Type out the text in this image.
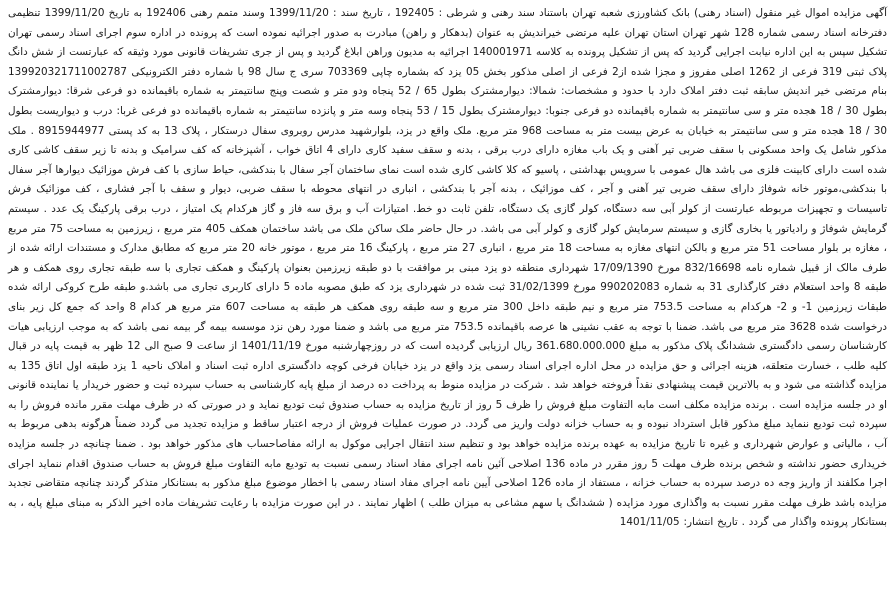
آگهی مزایده اموال غیر منقول (اسناد رهنی) بانک کشاورزی شعبه تهران باستناد سند رهنی و شرطی : 192405 ، تاریخ سند : 1399/11/20 وسند متمم رهنی 192406 به تاریخ 1399/11/20 تنظیمی دفترخانه اسناد رسمی شماره 128 شهر تهران استان تهران علیه مرتضی خیراندیش به عنوان (بدهکار و راهن) مبادرت به صدور اجرائیه نموده است که پرونده در اداره سوم اجرای اسناد رسمی تهران تشکیل سپس به این اداره نیابت اجرایی گردید که پس از تشکیل پرونده به کلاسه 140001971 اجرائیه به مدیون وراهن ابلاغ گردید و پس از جری تشریفات قانونی مورد وثیقه که عبارتست از شش دانگ پلاک ثبتی 319 فرعی از 1262 اصلی مفروز و مجزا شده از2 فرعی از اصلی مذکور بخش 05 یزد که بشماره چاپی 703369 سری ج سال 98 با شماره دفتر الکترونیکی 139920321711002787 بنام مرتضی خیر اندیش سابقه ثبت دفتر املاک دارد با حدود و مشخصات: شمالا: دیوارمشترک بطول 65 / 52 پنجاه ودو متر و شصت وپنج سانتیمتر به شماره باقیمانده دو فرعی شرقا: دیوارمشترک بطول 30 / 18 هجده متر و سی سانتیمتر به شماره باقیمانده دو فرعی جنوبا: دیوارمشترک بطول 15 / 53 پنجاه وسه متر و پانزده سانتیمتر به شماره باقیمانده دو فرعی غربا: درب و دیواریست بطول 30 / 18 هجده متر و سی سانتیمتر به خیابان به عرض بیست متر به مساحت 968 متر مربع. ملک واقع در یزد، بلوارشهید مدرس روبروی سفال درستکار ، پلاک 13 به کد پستی 8915944977 . ملک مذکور شامل یک واحد مسکونی با سقف ضربی تیر آهنی و یک باب مغازه دارای درب برقی ، بدنه و سقف سفید کاری دارای 4 اتاق خواب ، آشپزخانه که کف سرامیک و بدنه تا زیر سقف کاشی کاری شده است دارای کابینت فلزی می باشد هال عمومی با سرویس بهداشتی ، پاسیو که کلا کاشی کاری شده است نمای ساختمان آجر سفال با بندکشی، حیاط سازی با کف فرش موزائیک دیوارها آجر سفال با بندکشی،موتور خانه شوفاژ دارای سقف ضربی تیر آهنی و آجر ، کف موزائیک ، بدنه آجر با بندکشی ، انباری در انتهای محوطه با سقف ضربی، دیوار و سقف با آجر فشاری ، کف موزائیک فرش تاسیسات و تجهیزات مربوطه عبارتست از کولر آبی سه دستگاه، کولر گازی یک دستگاه، تلفن ثابت دو خط. امتیازات آب و برق سه فاز و گاز هرکدام یک امتیاز ، درب برقی پارکینگ یک عدد . سیستم گرمایش شوفاژ و رادیاتور یا بخاری گازی و سیستم سرمایش کولر گازی و کولر آبی می باشد. در حال حاضر ملک ساکن ملک می باشد ساختمان همکف 405 متر مربع ، زیرزمین به مساحت 75 متر مربع ، مغازه بر بلوار مساحت 51 متر مربع و بالکن انتهای مغازه به مساحت 18 متر مربع ، انباری 27 متر مربع ، پارکینگ 16 متر مربع ، موتور خانه 20 متر مربع که مطابق مدارک و مستندات ارائه شده از طرف مالک از قبیل شماره نامه 832/16698 مورخ 17/09/1390 شهرداری منطقه دو یزد مبنی بر موافقت با دو طبقه زیرزمین بعنوان پارکینگ و همکف تجاری با سه طبقه تجاری روی همکف و هر طبقه 8 واحد استعلام دفتر کارگذاری 31 به شماره 990202083 مورخ 31/02/1399 ثبت شده در شهرداری یزد که طبق مصوبه ماده 5 دارای کاربری تجاری می باشد.و طبقه طرح کروکی ارائه شده طبقات زیرزمین 1- و 2- هرکدام به مساحت 753.5 متر مربع و نیم طبقه داخل 300 متر مربع و سه طبقه روی همکف هر طبقه به مساحت 607 متر مربع هر کدام 8 واحد که جمع کل زیر بنای درخواست شده 3628 متر مربع می باشد. ضمنا با توجه به عقب نشینی ها عرصه باقیمانده 753.5 متر مربع می باشد و ضمنا مورد رهن نزد موسسه بیمه گر بیمه نمی باشد که به موجب ارزیابی هیات کارشناسان رسمی دادگستری ششدانگ پلاک مذکور به مبلغ 361.680.000.000 ریال ارزیابی گردیده است که در روزچهارشنبه مورخ 1401/11/19 از ساعت 9 صبح الی 12 ظهر به قیمت پایه در قبال کلیه طلب ، خسارت متعلقه، هزینه اجرائی و حق مزایده در محل اداره اجرای اسناد رسمی یزد واقع در یزد خیابان فرخی کوچه دادگستری اداره ثبت اسناد و املاک ناحیه 1 یزد طبقه اول اتاق 135 به مزایده گذاشته می شود و به بالاترین قیمت پیشنهادی نقداً فروخته خواهد شد . شرکت در مزایده منوط به پرداخت ده درصد از مبلغ پایه کارشناسی به حساب سپرده ثبت و حضور خریدار یا نماینده قانونی او در جلسه مزایده است . برنده مزایده مکلف است مابه التفاوت مبلغ فروش را ظرف 5 روز از تاریخ مزایده به حساب صندوق ثبت تودیع نماید و در صورتی که در ظرف مهلت مقرر مانده فروش را به سپرده ثبت تودیع ننماید مبلغ مذکور قابل استرداد نبوده و به حساب خزانه دولت واریز می گردد. در صورت عملیات فروش از درجه اعتبار ساقط و مزایده تجدید می گردد ضمناً هرگونه بدهی مربوط به آب ، مالیاتی و عوارض شهرداری و غیره تا تاریخ مزایده به عهده برنده مزایده خواهد بود و تنظیم سند انتقال اجرایی موکول به ارائه مفاصاحساب های مذکور خواهد بود . ضمنا چنانچه در جلسه مزایده خریداری حضور نداشته و شخص برنده ظرف مهلت 5 روز مقرر در ماده 136 اصلاحی آئین نامه اجرای مفاد اسناد رسمی نسبت به تودیع مابه التفاوت مبلغ فروش به حساب صندوق اقدام ننماید اجرای اجرا مکلفند از واریز وجه ده درصد سپرده به حساب خزانه ، مستفاد از ماده 126 اصلاحی آیین نامه اجرای مفاد اسناد رسمی با اخطار موضوع مبلغ مذکور به بستانکار متذکر گردند چنانچه متقاضی تجدید مزایده باشد ظرف مهلت مقرر نسبت به واگذاری مورد مزایده ( ششدانگ یا سهم مشاعی به میزان طلب ) اظهار نمایند . در این صورت مزایده با رعایت تشریفات ماده اخیر الذکر به مبنای مبلغ پایه ، به بستانکار پرونده واگذار می گردد . تاریخ انتشار: 1401/11/05
